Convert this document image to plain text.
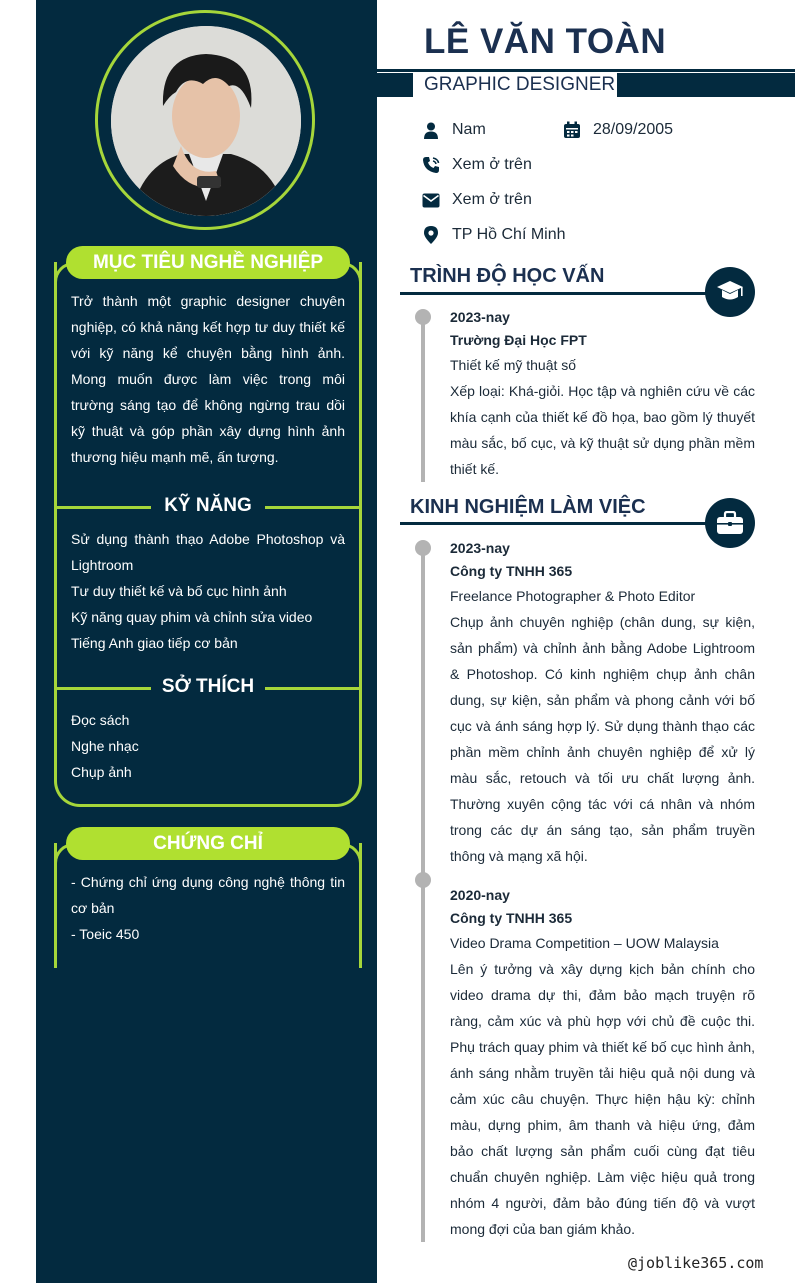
MỤC TIÊU NGHỀ NGHIỆP
Trở thành một graphic designer chuyên nghiệp, có khả năng kết hợp tư duy thiết kế với kỹ năng kể chuyện bằng hình ảnh. Mong muốn được làm việc trong môi trường sáng tạo để không ngừng trau dồi kỹ thuật và góp phần xây dựng hình ảnh thương hiệu mạnh mẽ, ấn tượng.
KỸ NĂNG
Sử dụng thành thạo Adobe Photoshop và Lightroom
Tư duy thiết kế và bố cục hình ảnh
Kỹ năng quay phim và chỉnh sửa video
Tiếng Anh giao tiếp cơ bản
SỞ THÍCH
Đọc sách
Nghe nhạc
Chụp ảnh
CHỨNG CHỈ
- Chứng chỉ ứng dụng công nghệ thông tin cơ bản
- Toeic 450
LÊ VĂN TOÀN
GRAPHIC DESIGNER
Nam	28/09/2005
Xem ở trên
Xem ở trên
TP Hồ Chí Minh
TRÌNH ĐỘ HỌC VẤN
2023-nay
Trường Đại Học FPT
Thiết kế mỹ thuật số
Xếp loại: Khá-giỏi. Học tập và nghiên cứu về các khía cạnh của thiết kế đồ họa, bao gồm lý thuyết màu sắc, bố cục, và kỹ thuật sử dụng phần mềm thiết kế.
KINH NGHIỆM LÀM VIỆC
2023-nay
Công ty TNHH 365
Freelance Photographer & Photo Editor
Chụp ảnh chuyên nghiệp (chân dung, sự kiện, sản phẩm) và chỉnh ảnh bằng Adobe Lightroom & Photoshop. Có kinh nghiệm chụp ảnh chân dung, sự kiện, sản phẩm và phong cảnh với bố cục và ánh sáng hợp lý. Sử dụng thành thạo các phần mềm chỉnh ảnh chuyên nghiệp để xử lý màu sắc, retouch và tối ưu chất lượng ảnh. Thường xuyên cộng tác với cá nhân và nhóm trong các dự án sáng tạo, sản phẩm truyền thông và mạng xã hội.
2020-nay
Công ty TNHH 365
Video Drama Competition – UOW Malaysia
Lên ý tưởng và xây dựng kịch bản chính cho video drama dự thi, đảm bảo mạch truyện rõ ràng, cảm xúc và phù hợp với chủ đề cuộc thi. Phụ trách quay phim và thiết kế bố cục hình ảnh, ánh sáng nhằm truyền tải hiệu quả nội dung và cảm xúc câu chuyện. Thực hiện hậu kỳ: chỉnh màu, dựng phim, âm thanh và hiệu ứng, đảm bảo chất lượng sản phẩm cuối cùng đạt tiêu chuẩn chuyên nghiệp. Làm việc hiệu quả trong nhóm 4 người, đảm bảo đúng tiến độ và vượt mong đợi của ban giám khảo.
@joblike365.com
